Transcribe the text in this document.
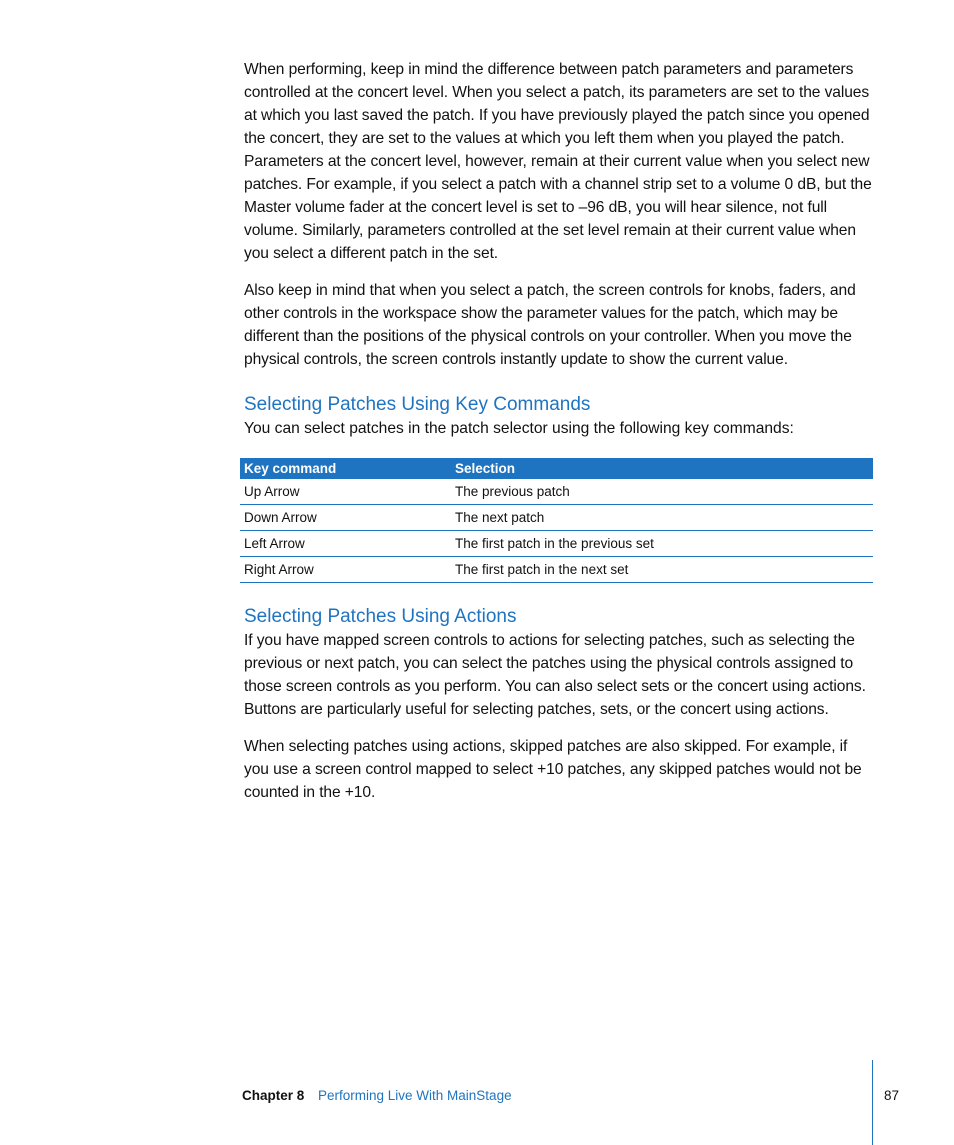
When performing, keep in mind the difference between patch parameters and parameters controlled at the concert level. When you select a patch, its parameters are set to the values at which you last saved the patch. If you have previously played the patch since you opened the concert, they are set to the values at which you left them when you played the patch. Parameters at the concert level, however, remain at their current value when you select new patches. For example, if you select a patch with a channel strip set to a volume 0 dB, but the Master volume fader at the concert level is set to –96 dB, you will hear silence, not full volume. Similarly, parameters controlled at the set level remain at their current value when you select a different patch in the set.

Also keep in mind that when you select a patch, the screen controls for knobs, faders, and other controls in the workspace show the parameter values for the patch, which may be different than the positions of the physical controls on your controller. When you move the physical controls, the screen controls instantly update to show the current value.

Selecting Patches Using Key Commands

You can select patches in the patch selector using the following key commands:

Key command	Selection
Up Arrow	The previous patch
Down Arrow	The next patch
Left Arrow	The first patch in the previous set
Right Arrow	The first patch in the next set
Selecting Patches Using Actions

If you have mapped screen controls to actions for selecting patches, such as selecting the previous or next patch, you can select the patches using the physical controls assigned to those screen controls as you perform. You can also select sets or the concert using actions. Buttons are particularly useful for selecting patches, sets, or the concert using actions.

When selecting patches using actions, skipped patches are also skipped. For example, if you use a screen control mapped to select +10 patches, any skipped patches would not be counted in the +10.

Chapter 8 Performing Live With MainStage	87
